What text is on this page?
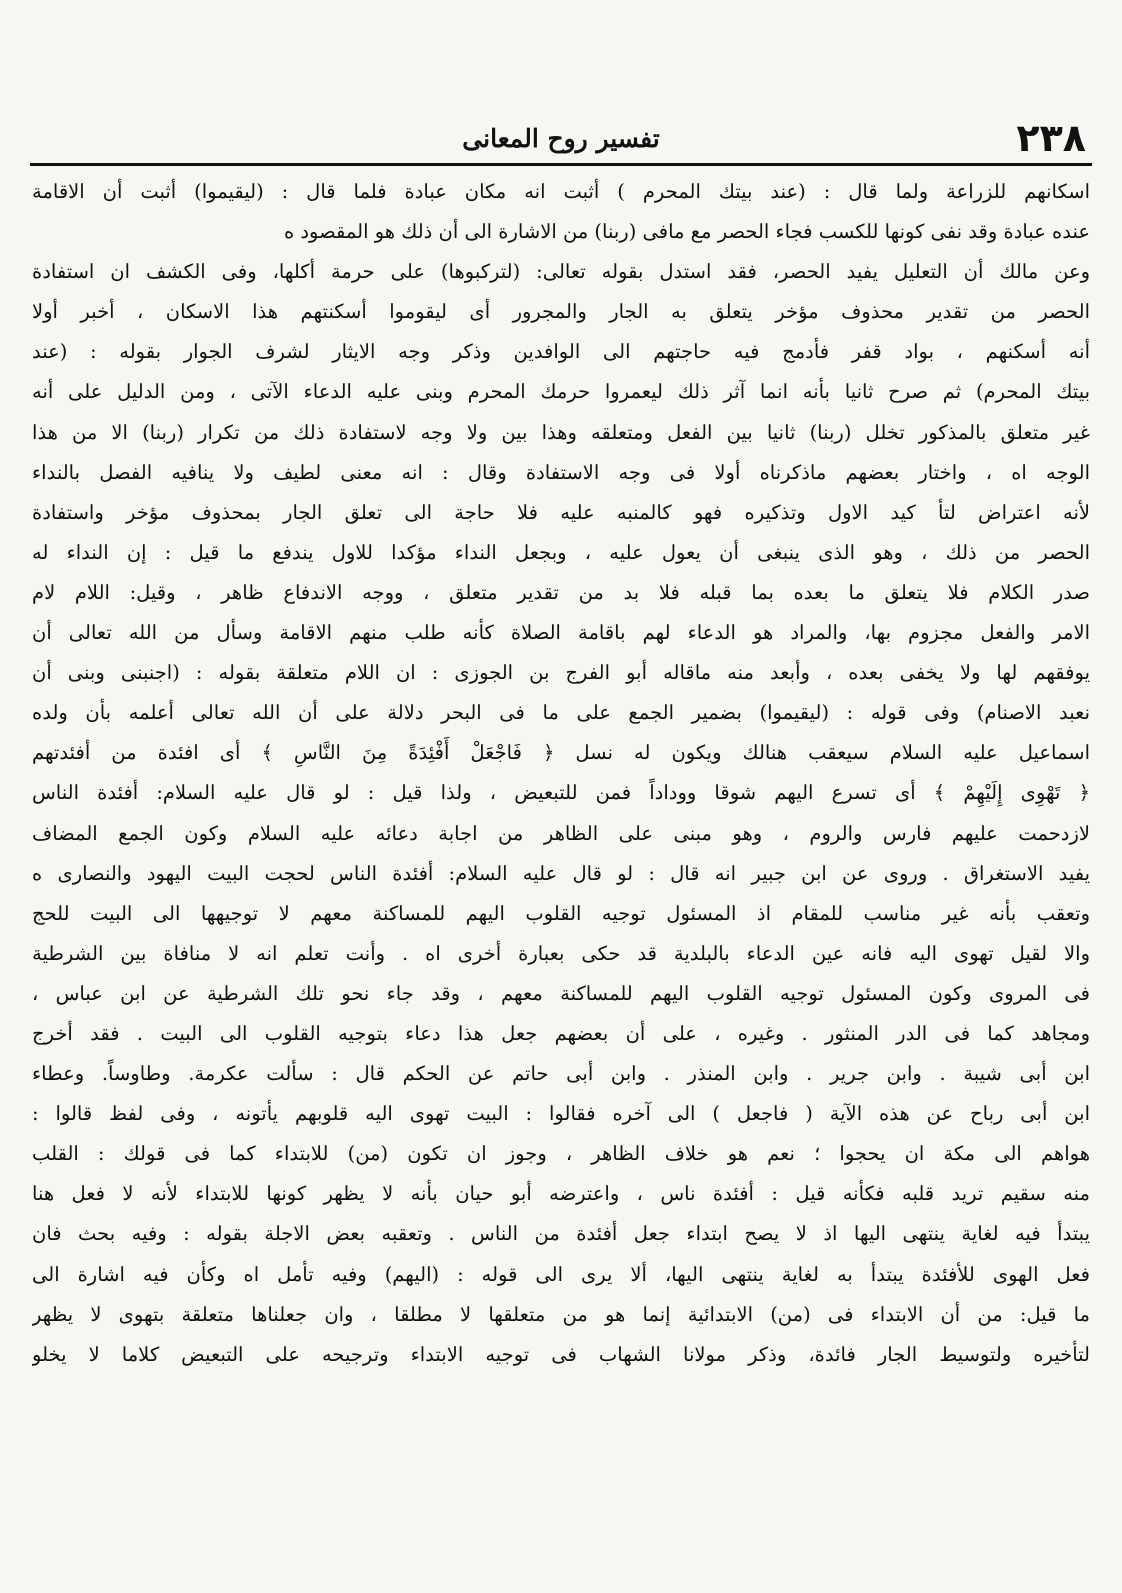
٢٣٨
تفسير روح المعانى
اسكانهم للزراعة ولما قال : (عند بيتك المحرم ) أثبت انه مكان عبادة فلما قال : (ليقيموا) أثبت أن الاقامة
عنده عبادة وقد نفى كونها للكسب فجاء الحصر مع مافى (ربنا) من الاشارة الى أن ذلك هو المقصود ه
وعن مالك أن التعليل يفيد الحصر، فقد استدل بقوله تعالى: (لتركبوها) على حرمة أكلها، وفى الكشف ان استفادة
الحصر من تقدير محذوف مؤخر يتعلق به الجار والمجرور أى ليقوموا أسكنتهم هذا الاسكان ، أخبر أولا
أنه أسكنهم ، بواد قفر فأدمج فيه حاجتهم الى الوافدين وذكر وجه الايثار لشرف الجوار بقوله : (عند
بيتك المحرم) ثم صرح ثانيا بأنه انما آثر ذلك ليعمروا حرمك المحرم وبنى عليه الدعاء الآتى ، ومن الدليل على أنه
غير متعلق بالمذكور تخلل (ربنا) ثانيا بين الفعل ومتعلقه وهذا بين ولا وجه لاستفادة ذلك من تكرار (ربنا) الا من هذا
الوجه اه ، واختار بعضهم ماذكرناه أولا فى وجه الاستفادة وقال : انه معنى لطيف ولا ينافيه الفصل بالنداء
لأنه اعتراض لتأ كيد الاول وتذكيره فهو كالمنبه عليه فلا حاجة الى تعلق الجار بمحذوف مؤخر واستفادة
الحصر من ذلك ، وهو الذى ينبغى أن يعول عليه ، وبجعل النداء مؤكدا للاول يندفع ما قيل : إن النداء له
صدر الكلام فلا يتعلق ما بعده بما قبله فلا بد من تقدير متعلق ، ووجه الاندفاع ظاهر ، وقيل: اللام لام
الامر والفعل مجزوم بها، والمراد هو الدعاء لهم باقامة الصلاة كأنه طلب منهم الاقامة وسأل من الله تعالى أن
يوفقهم لها ولا يخفى بعده ، وأبعد منه ماقاله أبو الفرج بن الجوزى : ان اللام متعلقة بقوله : (اجنبنى وبنى أن
نعبد الاصنام) وفى قوله : (ليقيموا) بضمير الجمع على ما فى البحر دلالة على أن الله تعالى أعلمه بأن ولده
اسماعيل عليه السلام سيعقب هنالك ويكون له نسل ﴿ فَاجْعَلْ أَفْئِدَةً مِنَ النَّاسِ ﴾ أى افئدة من أفئدتهم
﴿ تَهْوِى إِلَيْهِمْ ﴾ أى تسرع اليهم شوقا ووداداً فمن للتبعيض ، ولذا قيل : لو قال عليه السلام: أفئدة الناس
لازدحمت عليهم فارس والروم ، وهو مبنى على الظاهر من اجابة دعائه عليه السلام وكون الجمع المضاف
يفيد الاستغراق . وروى عن ابن جبير انه قال : لو قال عليه السلام: أفئدة الناس لحجت البيت اليهود والنصارى ه
وتعقب بأنه غير مناسب للمقام اذ المسئول توجيه القلوب اليهم للمساكنة معهم لا توجيهها الى البيت للحج
والا لقيل تهوى اليه فانه عين الدعاء بالبلدية قد حكى بعبارة أخرى اه . وأنت تعلم انه لا منافاة بين الشرطية
فى المروى وكون المسئول توجيه القلوب اليهم للمساكنة معهم ، وقد جاء نحو تلك الشرطية عن ابن عباس ،
ومجاهد كما فى الدر المنثور . وغيره ، على أن بعضهم جعل هذا دعاء بتوجيه القلوب الى البيت . فقد أخرج
ابن أبى شيبة . وابن جرير . وابن المنذر . وابن أبى حاتم عن الحكم قال : سألت عكرمة. وطاوساً. وعطاء
ابن أبى رباح عن هذه الآية ( فاجعل ) الى آخره فقالوا : البيت تهوى اليه قلوبهم يأتونه ، وفى لفظ قالوا :
هواهم الى مكة ان يحجوا ؛ نعم هو خلاف الظاهر ، وجوز ان تكون (من) للابتداء كما فى قولك : القلب
منه سقيم تريد قلبه فكأنه قيل : أفئدة ناس ، واعترضه أبو حيان بأنه لا يظهر كونها للابتداء لأنه لا فعل هنا
يبتدأ فيه لغاية ينتهى اليها اذ لا يصح ابتداء جعل أفئدة من الناس . وتعقبه بعض الاجلة بقوله : وفيه بحث فان
فعل الهوى للأفئدة يبتدأ به لغاية ينتهى اليها، ألا يرى الى قوله : (اليهم) وفيه تأمل اه وكأن فيه اشارة الى
ما قيل: من أن الابتداء فى (من) الابتدائية إنما هو من متعلقها لا مطلقا ، وان جعلناها متعلقة بتهوى لا يظهر
لتأخيره ولتوسيط الجار فائدة، وذكر مولانا الشهاب فى توجيه الابتداء وترجيحه على التبعيض كلاما لا يخلو
